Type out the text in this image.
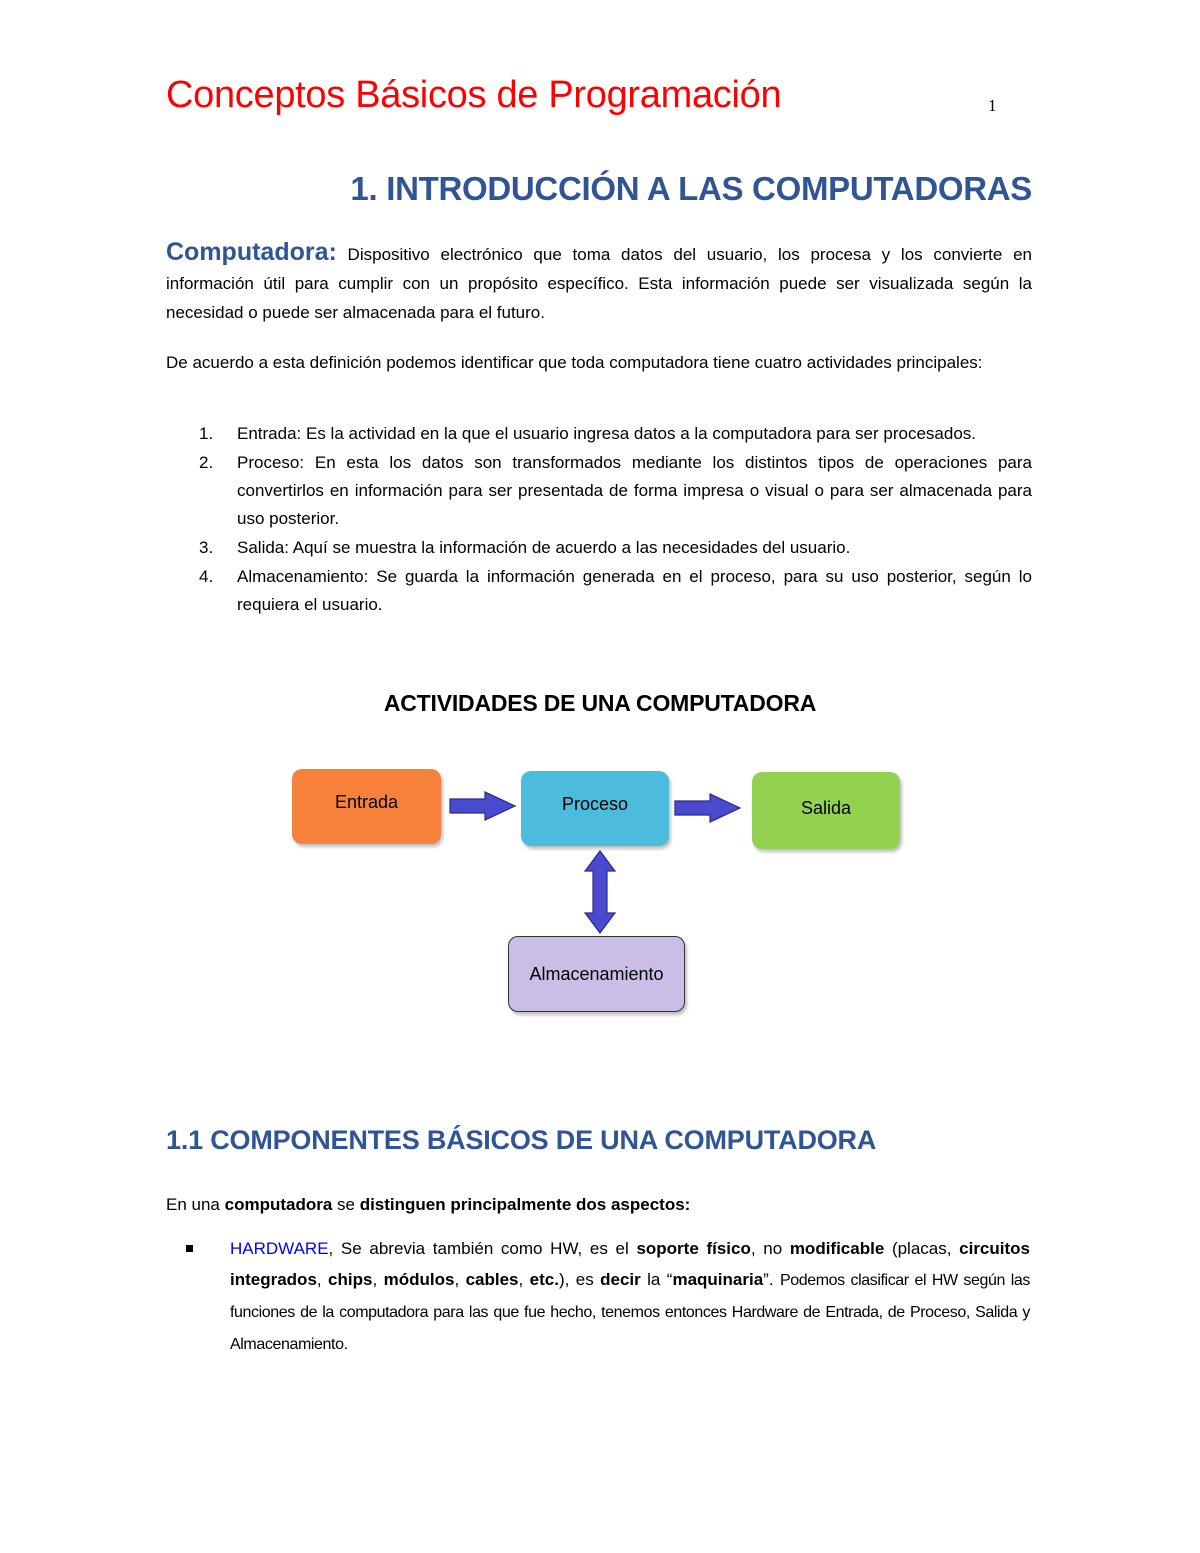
Conceptos Básicos de Programación	1
1. INTRODUCCIÓN A LAS COMPUTADORAS
Computadora: Dispositivo electrónico que toma datos del usuario, los procesa y los convierte en información útil para cumplir con un propósito específico. Esta información puede ser visualizada según la necesidad o puede ser almacenada para el futuro.
De acuerdo a esta definición podemos identificar que toda computadora tiene cuatro actividades principales:
1. Entrada: Es la actividad en la que el usuario ingresa datos a la computadora para ser procesados.
2. Proceso: En esta los datos son transformados mediante los distintos tipos de operaciones para convertirlos en información para ser presentada de forma impresa o visual o para ser almacenada para uso posterior.
3. Salida: Aquí se muestra la información de acuerdo a las necesidades del usuario.
4. Almacenamiento: Se guarda la información generada en el proceso, para su uso posterior, según lo requiera el usuario.
ACTIVIDADES DE UNA COMPUTADORA
Entrada	Proceso	Salida
Almacenamiento
1.1 COMPONENTES BÁSICOS DE UNA COMPUTADORA
En una computadora se distinguen principalmente dos aspectos:
HARDWARE, Se abrevia también como HW, es el soporte físico, no modificable (placas, circuitos integrados, chips, módulos, cables, etc.), es decir la “maquinaria”. Podemos clasificar el HW según las funciones de la computadora para las que fue hecho, tenemos entonces Hardware de Entrada, de Proceso, Salida y Almacenamiento.
